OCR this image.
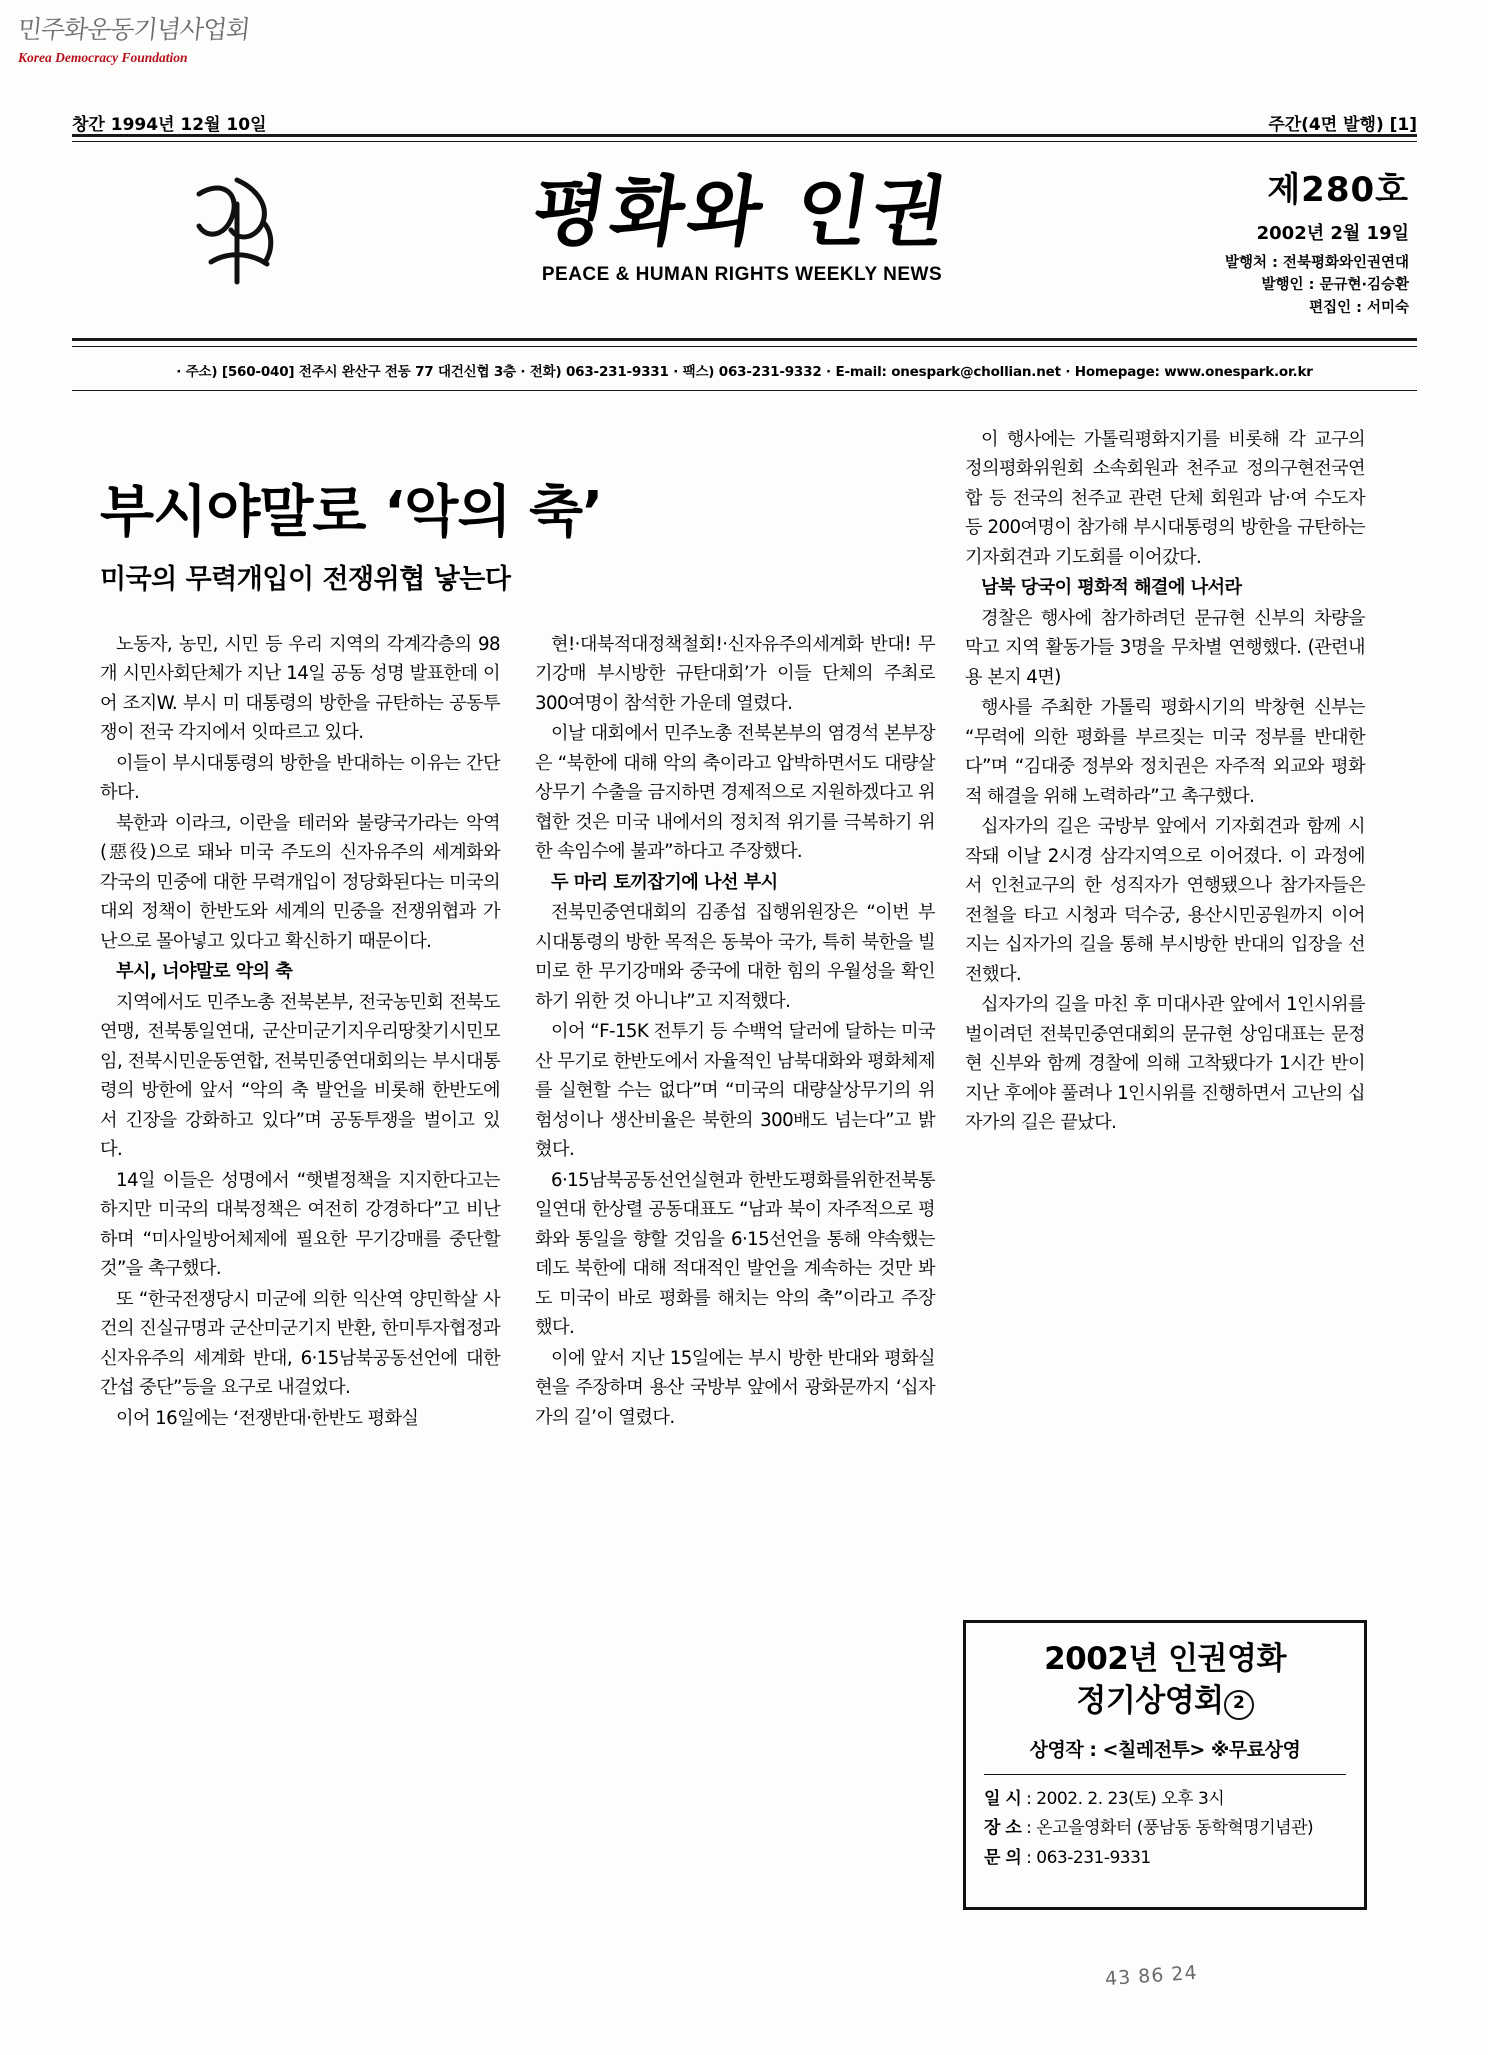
민주화운동기념사업회
Korea Democracy Foundation
창간 1994년 12월 10일	주간(4면 발행) [1]
평화와 인권
PEACE & HUMAN RIGHTS WEEKLY NEWS
제280호
2002년 2월 19일
발행처 : 전북평화와인권연대
발행인 : 문규현·김승환
편집인 : 서미숙
· 주소) [560-040] 전주시 완산구 전동 77 대건신협 3층 · 전화) 063-231-9331 · 팩스) 063-231-9332 · E-mail: onespark@chollian.net · Homepage: www.onespark.or.kr
부시야말로 ‘악의 축’
미국의 무력개입이 전쟁위협 낳는다

노동자, 농민, 시민 등 우리 지역의 각계각층의 98개 시민사회단체가 지난 14일 공동 성명 발표한데 이어 조지W. 부시 미 대통령의 방한을 규탄하는 공동투쟁이 전국 각지에서 잇따르고 있다.

이들이 부시대통령의 방한을 반대하는 이유는 간단하다.

북한과 이라크, 이란을 테러와 불량국가라는 악역(惡役)으로 돼놔 미국 주도의 신자유주의 세계화와 각국의 민중에 대한 무력개입이 정당화된다는 미국의 대외 정책이 한반도와 세계의 민중을 전쟁위협과 가난으로 몰아넣고 있다고 확신하기 때문이다.

부시, 너야말로 악의 축

지역에서도 민주노총 전북본부, 전국농민회 전북도연맹, 전북통일연대, 군산미군기지우리땅찾기시민모임, 전북시민운동연합, 전북민중연대회의는 부시대통령의 방한에 앞서 “악의 축 발언을 비롯해 한반도에서 긴장을 강화하고 있다”며 공동투쟁을 벌이고 있다.

14일 이들은 성명에서 “햇볕정책을 지지한다고는 하지만 미국의 대북정책은 여전히 강경하다”고 비난하며 “미사일방어체제에 필요한 무기강매를 중단할 것”을 촉구했다.

또 “한국전쟁당시 미군에 의한 익산역 양민학살 사건의 진실규명과 군산미군기지 반환, 한미투자협정과 신자유주의 세계화 반대, 6·15남북공동선언에 대한 간섭 중단”등을 요구로 내걸었다.

이어 16일에는 ‘전쟁반대·한반도 평화실

현!·대북적대정책철회!·신자유주의세계화 반대! 무기강매 부시방한 규탄대회’가 이들 단체의 주최로 300여명이 참석한 가운데 열렸다.

이날 대회에서 민주노총 전북본부의 염경석 본부장은 “북한에 대해 악의 축이라고 압박하면서도 대량살상무기 수출을 금지하면 경제적으로 지원하겠다고 위협한 것은 미국 내에서의 정치적 위기를 극복하기 위한 속임수에 불과”하다고 주장했다.

두 마리 토끼잡기에 나선 부시

전북민중연대회의 김종섭 집행위원장은 “이번 부시대통령의 방한 목적은 동북아 국가, 특히 북한을 빌미로 한 무기강매와 중국에 대한 힘의 우월성을 확인하기 위한 것 아니냐”고 지적했다.

이어 “F-15K 전투기 등 수백억 달러에 달하는 미국산 무기로 한반도에서 자율적인 남북대화와 평화체제를 실현할 수는 없다”며 “미국의 대량살상무기의 위험성이나 생산비율은 북한의 300배도 넘는다”고 밝혔다.

6·15남북공동선언실현과 한반도평화를위한전북통일연대 한상렬 공동대표도 “남과 북이 자주적으로 평화와 통일을 향할 것임을 6·15선언을 통해 약속했는데도 북한에 대해 적대적인 발언을 계속하는 것만 봐도 미국이 바로 평화를 해치는 악의 축”이라고 주장했다.

이에 앞서 지난 15일에는 부시 방한 반대와 평화실현을 주장하며 용산 국방부 앞에서 광화문까지 ‘십자가의 길’이 열렸다.

이 행사에는 가톨릭평화지기를 비롯해 각 교구의 정의평화위원회 소속회원과 천주교 정의구현전국연합 등 전국의 천주교 관련 단체 회원과 남·여 수도자 등 200여명이 참가해 부시대통령의 방한을 규탄하는 기자회견과 기도회를 이어갔다.

남북 당국이 평화적 해결에 나서라

경찰은 행사에 참가하려던 문규현 신부의 차량을 막고 지역 활동가들 3명을 무차별 연행했다. (관련내용 본지 4면)

행사를 주최한 가톨릭 평화시기의 박창현 신부는 “무력에 의한 평화를 부르짖는 미국 정부를 반대한다”며 “김대중 정부와 정치권은 자주적 외교와 평화적 해결을 위해 노력하라”고 촉구했다.

십자가의 길은 국방부 앞에서 기자회견과 함께 시작돼 이날 2시경 삼각지역으로 이어졌다. 이 과정에서 인천교구의 한 성직자가 연행됐으나 참가자들은 전철을 타고 시청과 덕수궁, 용산시민공원까지 이어지는 십자가의 길을 통해 부시방한 반대의 입장을 선전했다.

십자가의 길을 마친 후 미대사관 앞에서 1인시위를 벌이려던 전북민중연대회의 문규현 상임대표는 문정현 신부와 함께 경찰에 의해 고착됐다가 1시간 반이 지난 후에야 풀려나 1인시위를 진행하면서 고난의 십자가의 길은 끝났다.

2002년 인권영화
정기상영회 2
상영작 : <칠레전투> ※무료상영
일 시 : 2002. 2. 23(토) 오후 3시
장 소 : 온고을영화터 (풍남동 동학혁명기념관)
문 의 : 063-231-9331
43 86 24
